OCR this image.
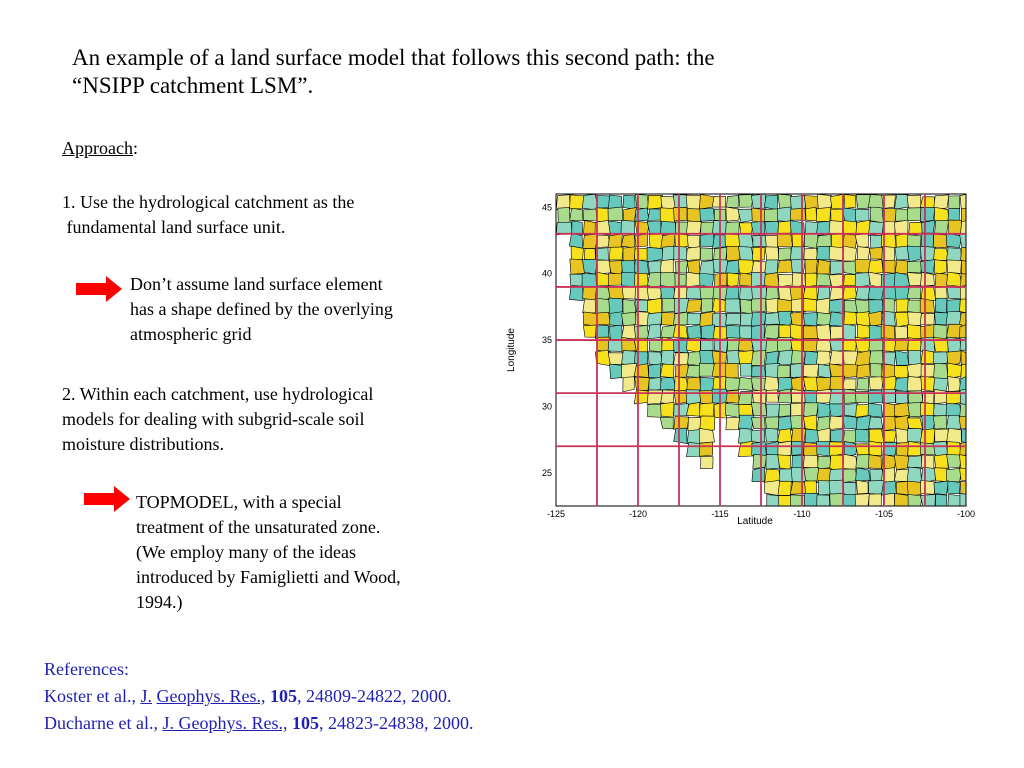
An example of a land surface model that follows this second path: the
“NSIPP catchment LSM”.
Approach:
1. Use the hydrological catchment as the
fundamental land surface unit.
Don’t assume land surface element
has a shape defined by the overlying
atmospheric grid
2. Within each catchment, use hydrological
models for dealing with subgrid-scale soil
moisture distributions.
TOPMODEL, with a special
treatment of the unsaturated zone.
(We employ many of the ideas
introduced by Famiglietti and Wood,
1994.)
-125	-120	-115	-110	-105	-100
45
40
35
30
25
Longitude
Latitude
References:
Koster et al., J. Geophys. Res., 105, 24809-24822, 2000.
Ducharne et al., J. Geophys. Res., 105, 24823-24838, 2000.
